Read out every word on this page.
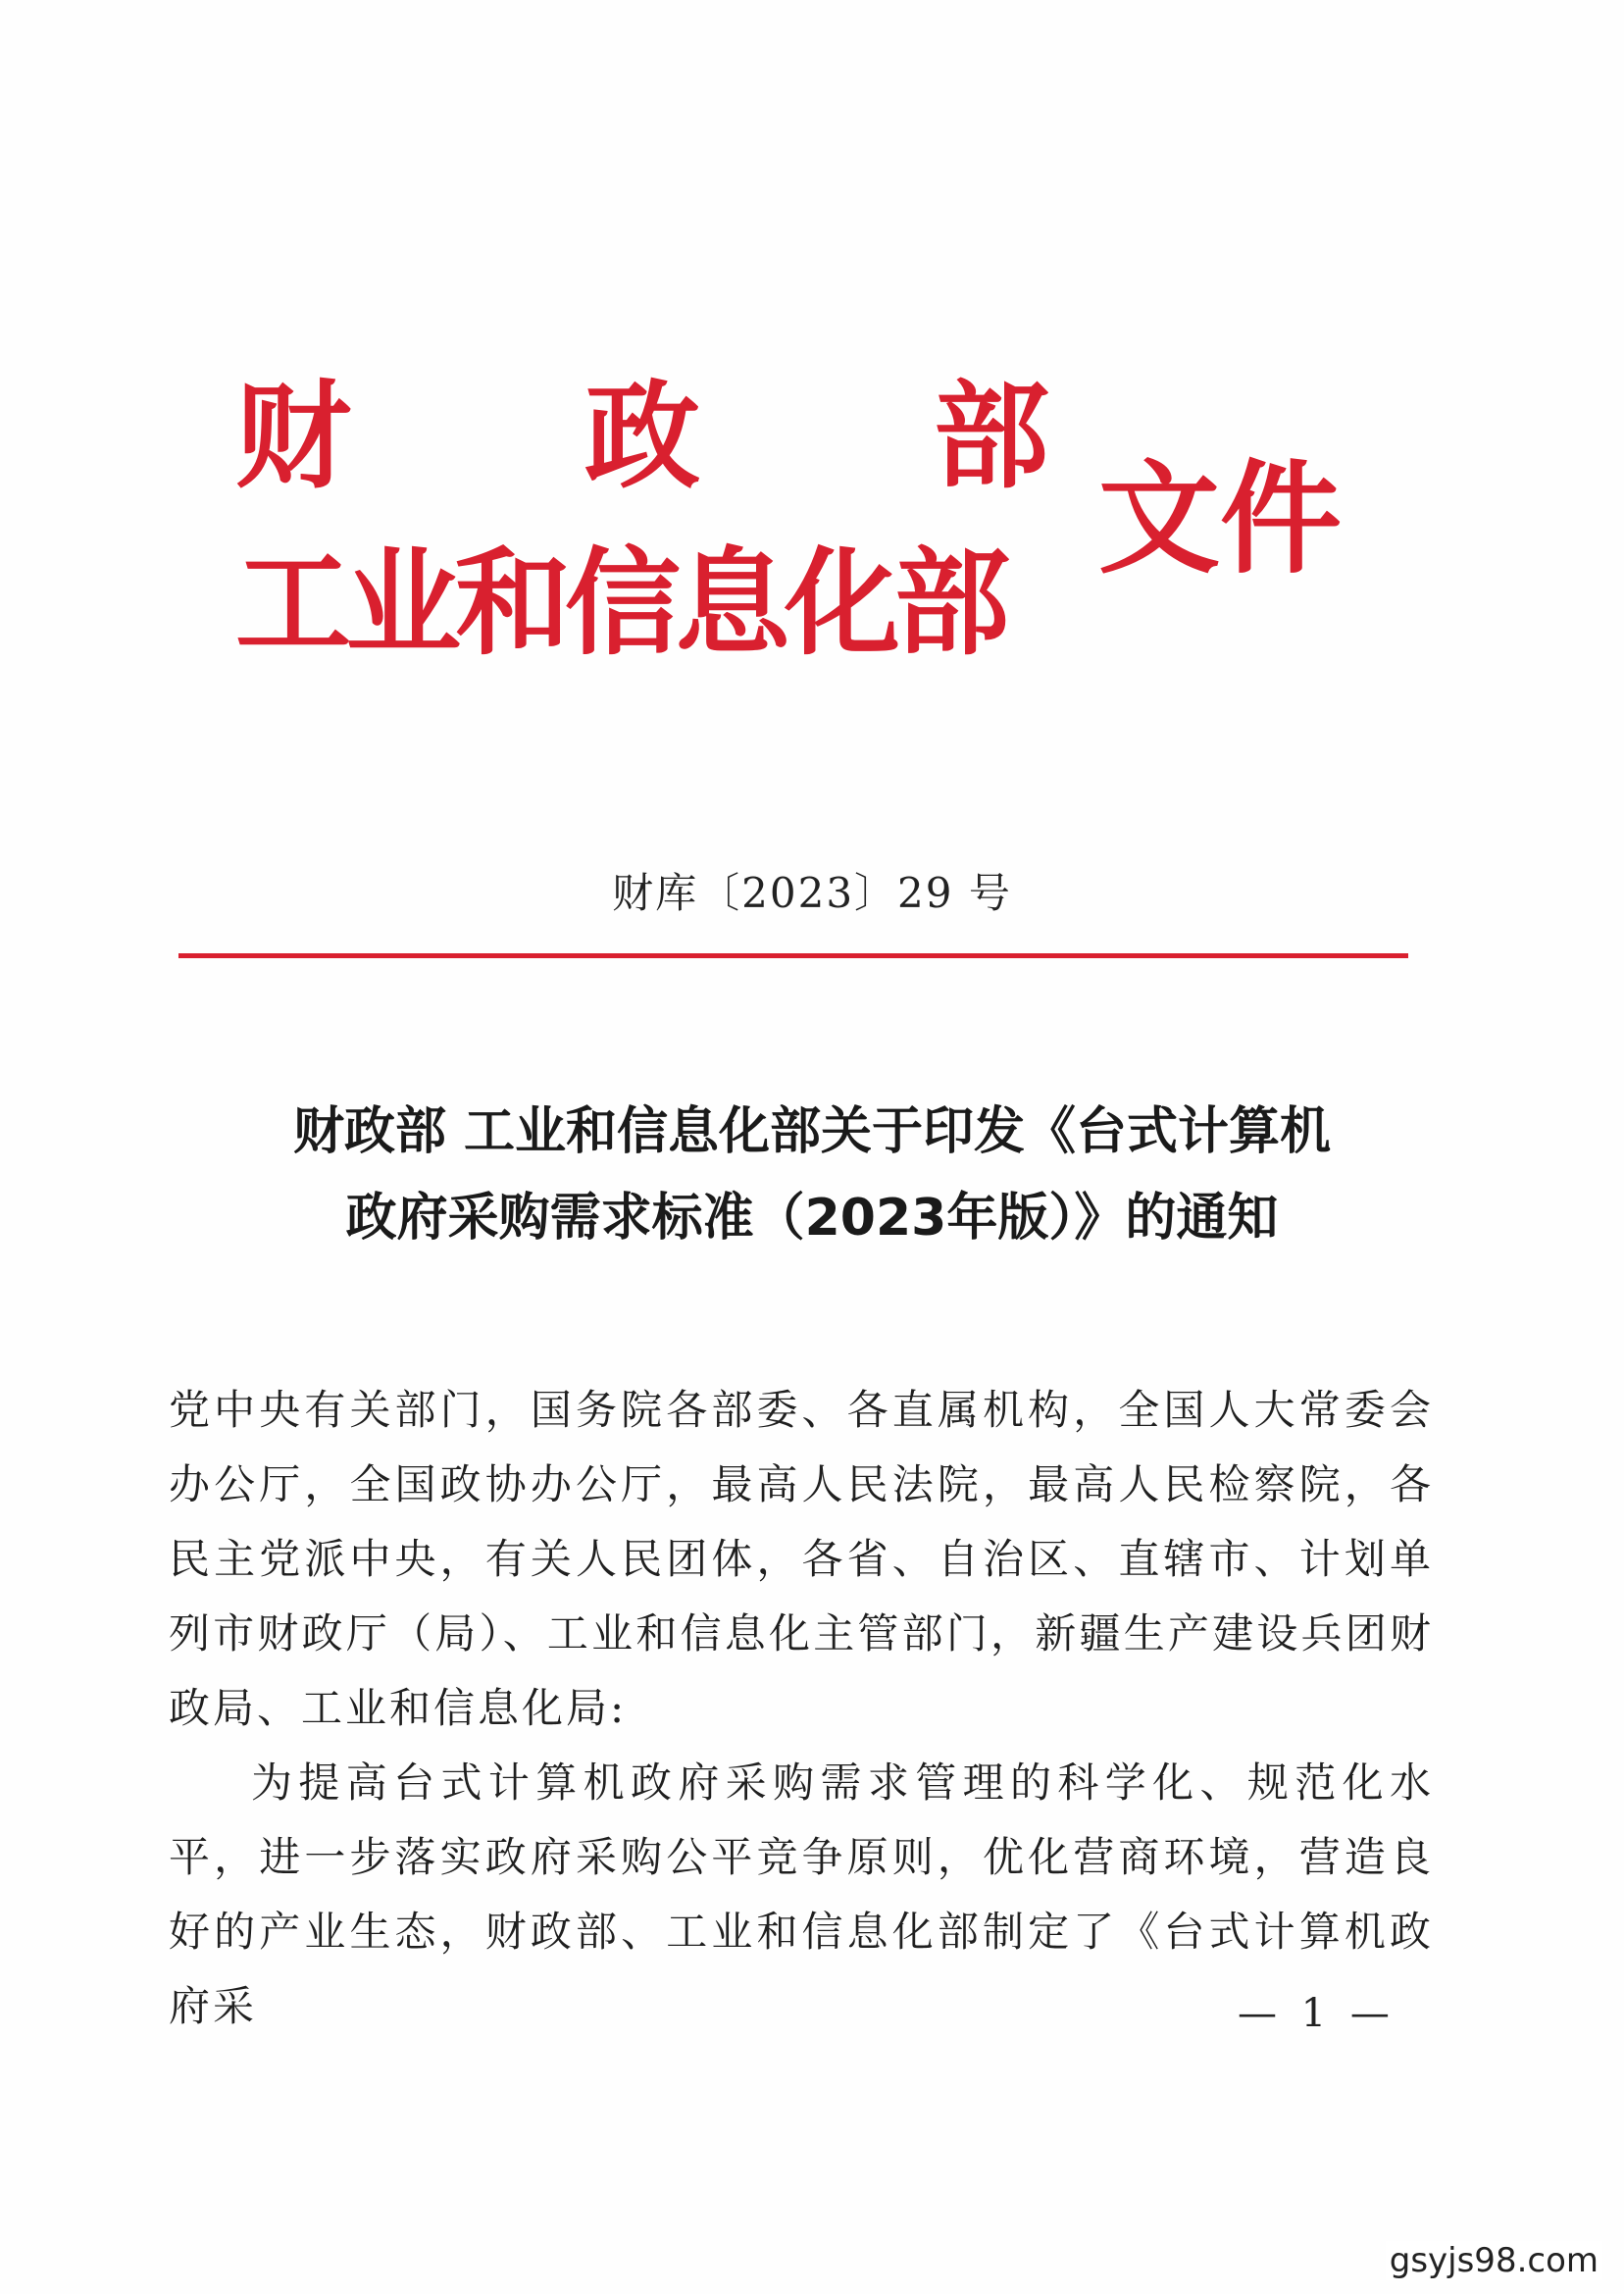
财 政 部
工业和信息化部
文件
财库〔2023〕29 号
财政部 工业和信息化部关于印发《台式计算机
政府采购需求标准（2023年版）》的通知

党中央有关部门，国务院各部委、各直属机构，全国人大常委会办公厅，全国政协办公厅，最高人民法院，最高人民检察院，各民主党派中央，有关人民团体，各省、自治区、直辖市、计划单列市财政厅（局）、工业和信息化主管部门，新疆生产建设兵团财政局、工业和信息化局:

为提高台式计算机政府采购需求管理的科学化、规范化水平，进一步落实政府采购公平竞争原则，优化营商环境，营造良好的产业生态，财政部、工业和信息化部制定了《台式计算机政府采	— 1 —
gsyjs98.com
